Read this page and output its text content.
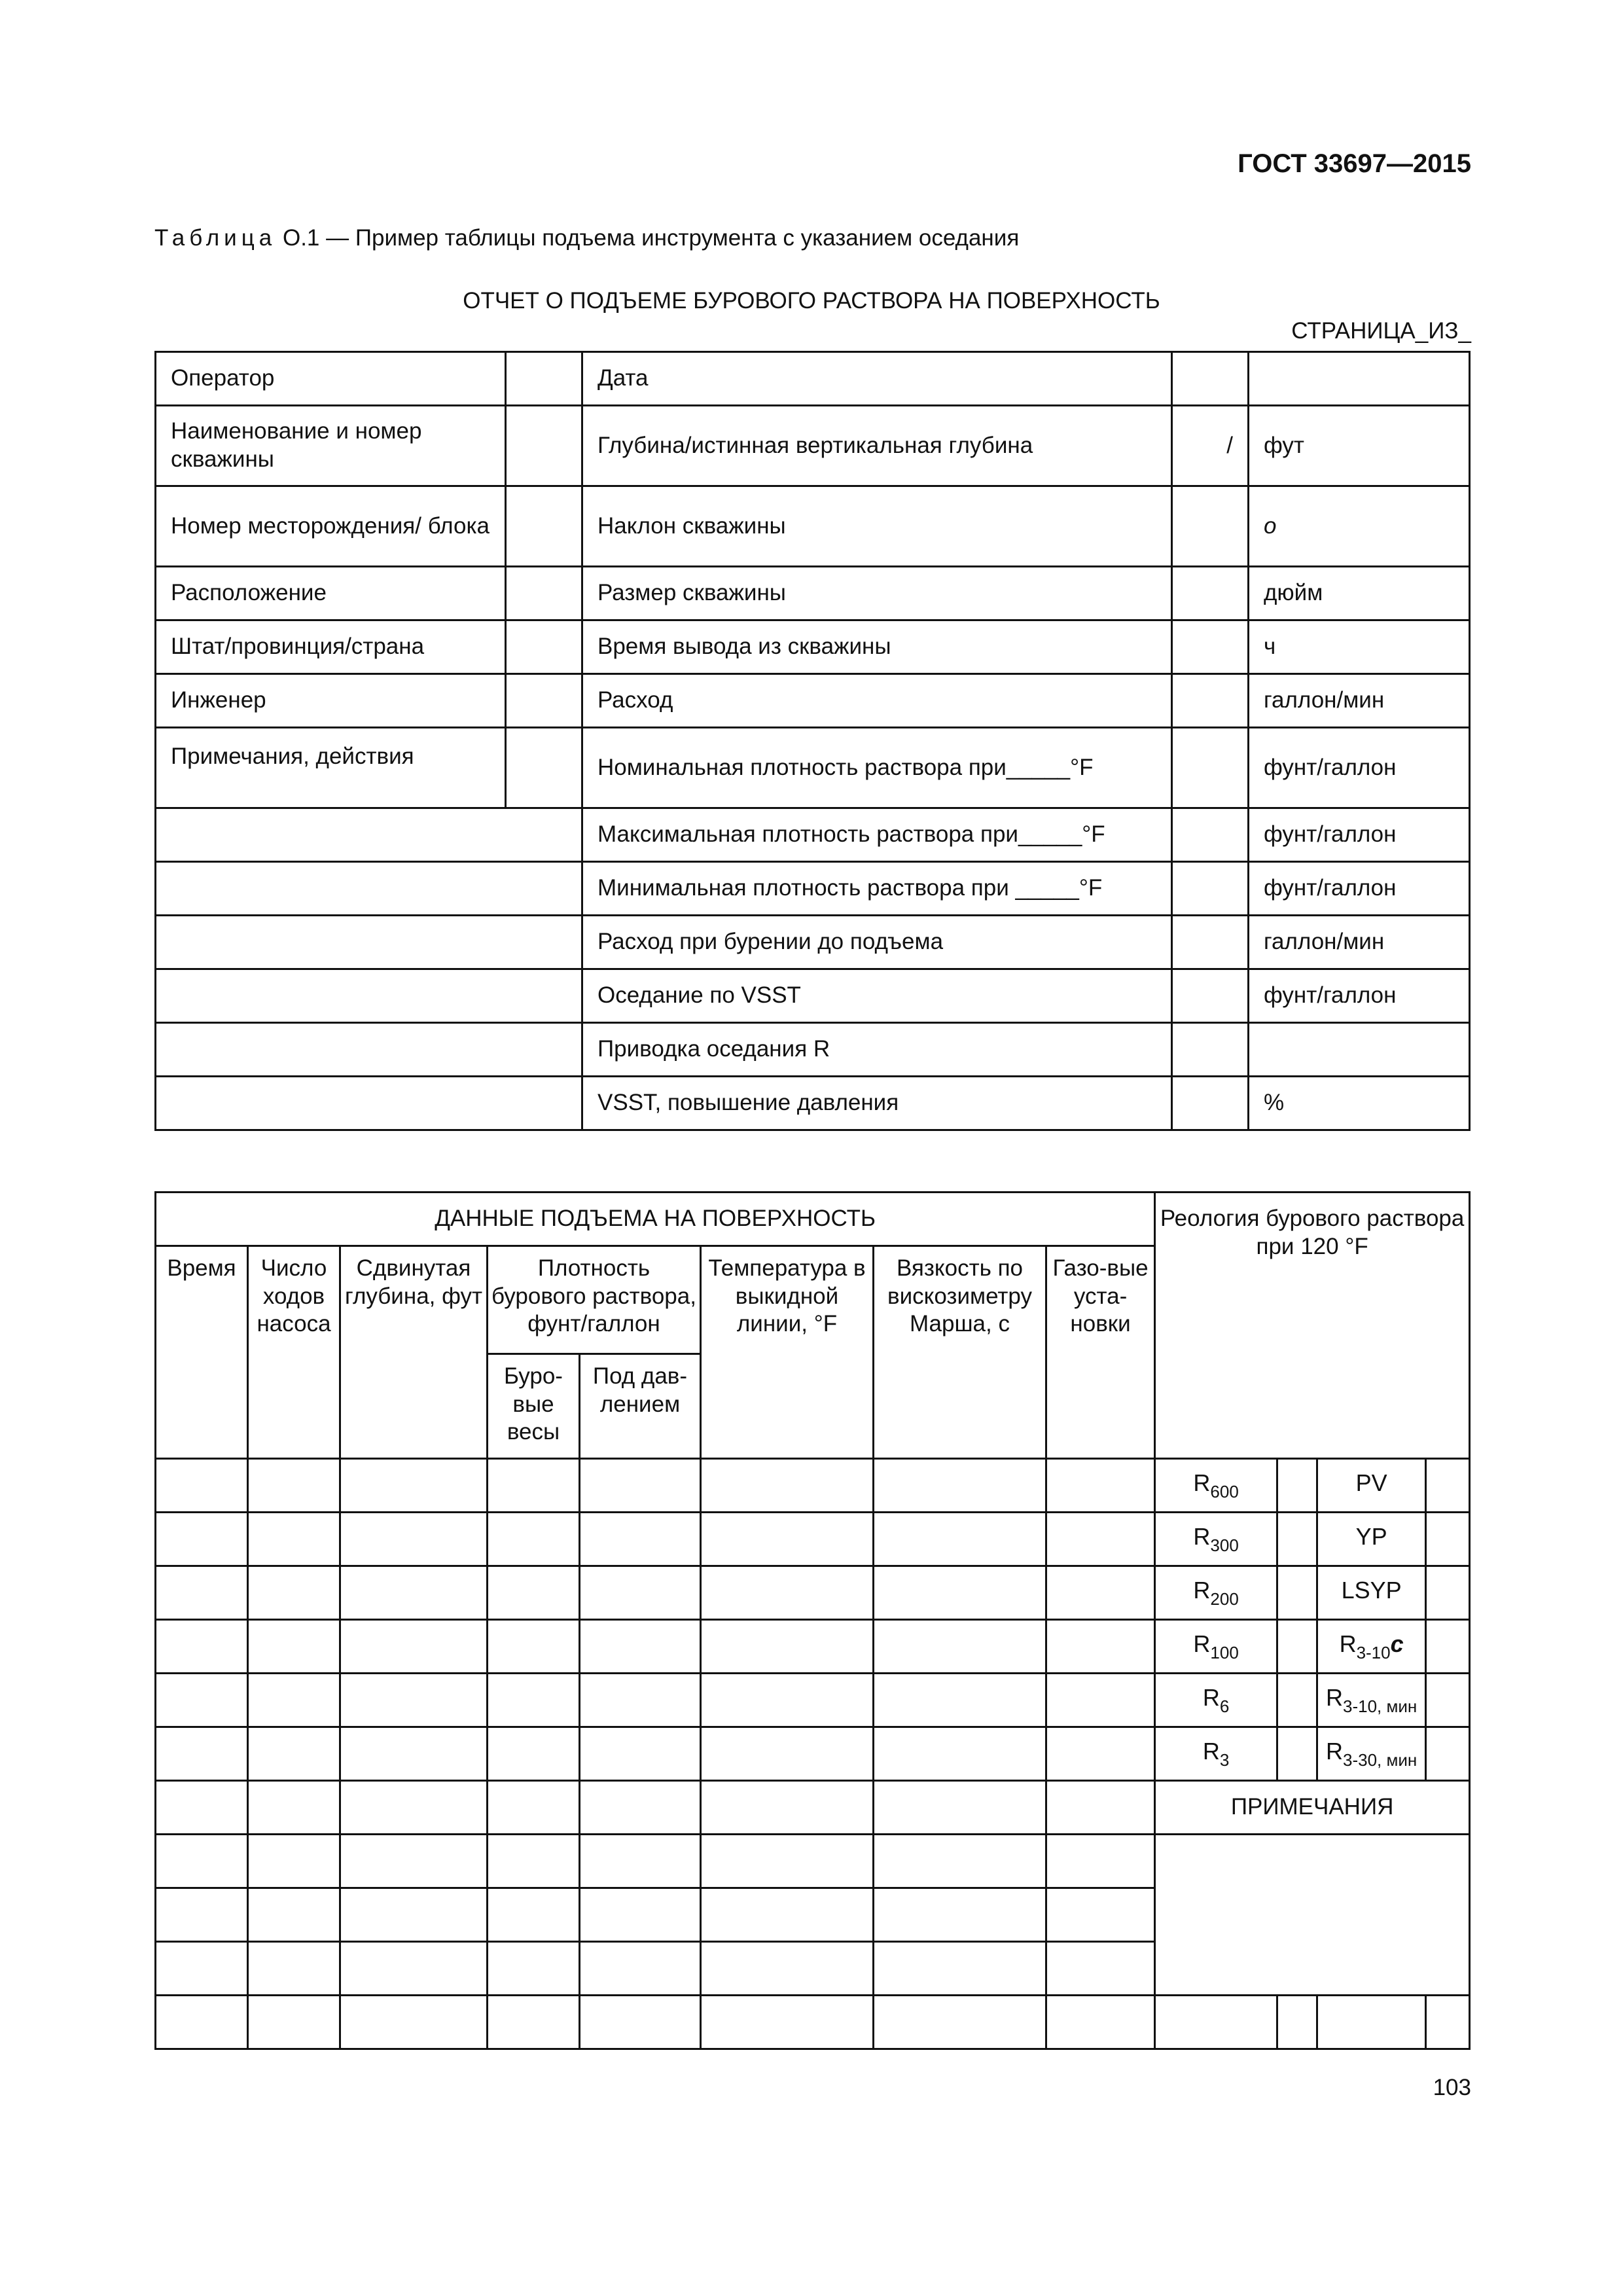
ГОСТ 33697—2015
Таблица О.1 — Пример таблицы подъема инструмента с указанием оседания
ОТЧЕТ О ПОДЪЕМЕ БУРОВОГО РАСТВОРА НА ПОВЕРХНОСТЬ
СТРАНИЦА_ИЗ_
Оператор		Дата		
Наименование и номер скважины		Глубина/истинная вертикальная глубина	/	фут
Номер месторождения/ блока		Наклон скважины		о
Расположение		Размер скважины		дюйм
Штат/провинция/страна		Время вывода из скважины		ч
Инженер		Расход		галлон/мин
Примечания, действия		Номинальная плотность раствора при_____°F		фунт/галлон
		Максимальная плотность раствора при_____°F		фунт/галлон
		Минимальная плотность раствора при _____°F		фунт/галлон
		Расход при бурении до подъема		галлон/мин
		Оседание по VSST		фунт/галлон
		Приводка оседания R		
		VSST, повышение давления		%
ДАННЫЕ ПОДЪЕМА НА ПОВЕРХНОСТЬ								Реология бурового раствора при 120 °F			
Время	Число ходов насоса	Сдвинутая глубина, фут	Плотность бурового раствора, фунт/галлон		Температура в выкидной линии, °F	Вязкость по вискозиметру Марша, с	Газо-вые уста-новки				
			Буро-вые весы	Под дав-лением							
								$R_{600}$		PV	
								$R_{300}$		YP	
								$R_{200}$		LSYP	
								$R_{100}$		$R_{3-10}с$	
								$R_6$		$R_{3-10, мин}$	
								$R_3$		$R_{3-30, мин}$	
								ПРИМЕЧАНИЯ			

103
